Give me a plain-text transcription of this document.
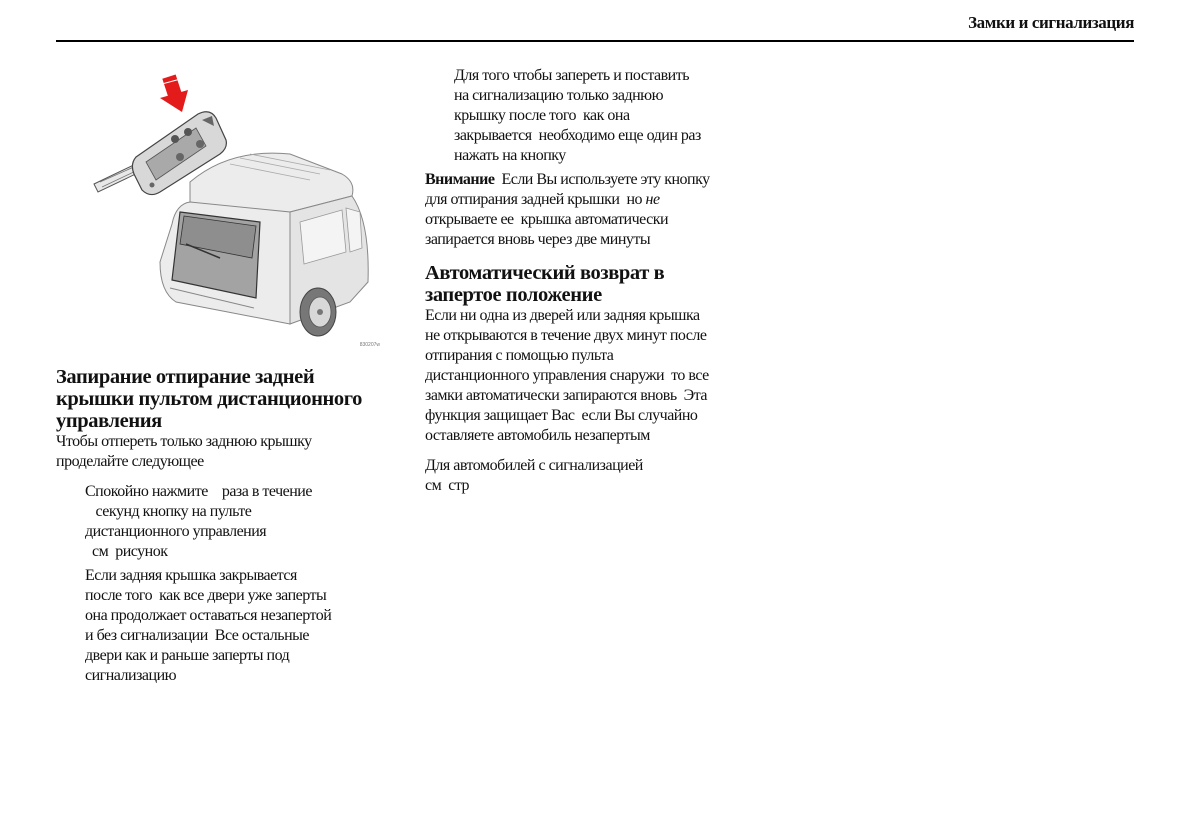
Замки и сигнализация
830207w
Запирание отпирание задней
крышки пультом дистанционного
управления

Чтобы отпереть только заднюю крышку
проделайте следующее

Спокойно нажмите    раза в течение
секунд кнопку на пульте
дистанционного управления
см  рисунок

Если задняя крышка закрывается
после того  как все двери уже заперты
она продолжает оставаться незапертой
и без сигнализации  Все остальные
двери как и раньше заперты под
сигнализацию

Для того чтобы запереть и поставить
на сигнализацию только заднюю
крышку после того  как она
закрывается  необходимо еще один раз
нажать на кнопку

Внимание  Если Вы используете эту кнопку
для отпирания задней крышки  но не
открываете ее  крышка автоматически
запирается вновь через две минуты

Автоматический возврат в
запертое положение

Если ни одна из дверей или задняя крышка
не открываются в течение двух минут после
отпирания с помощью пульта
дистанционного управления снаружи  то все
замки автоматически запираются вновь  Эта
функция защищает Вас  если Вы случайно
оставляете автомобиль незапертым

Для автомобилей с сигнализацией
см  стр
